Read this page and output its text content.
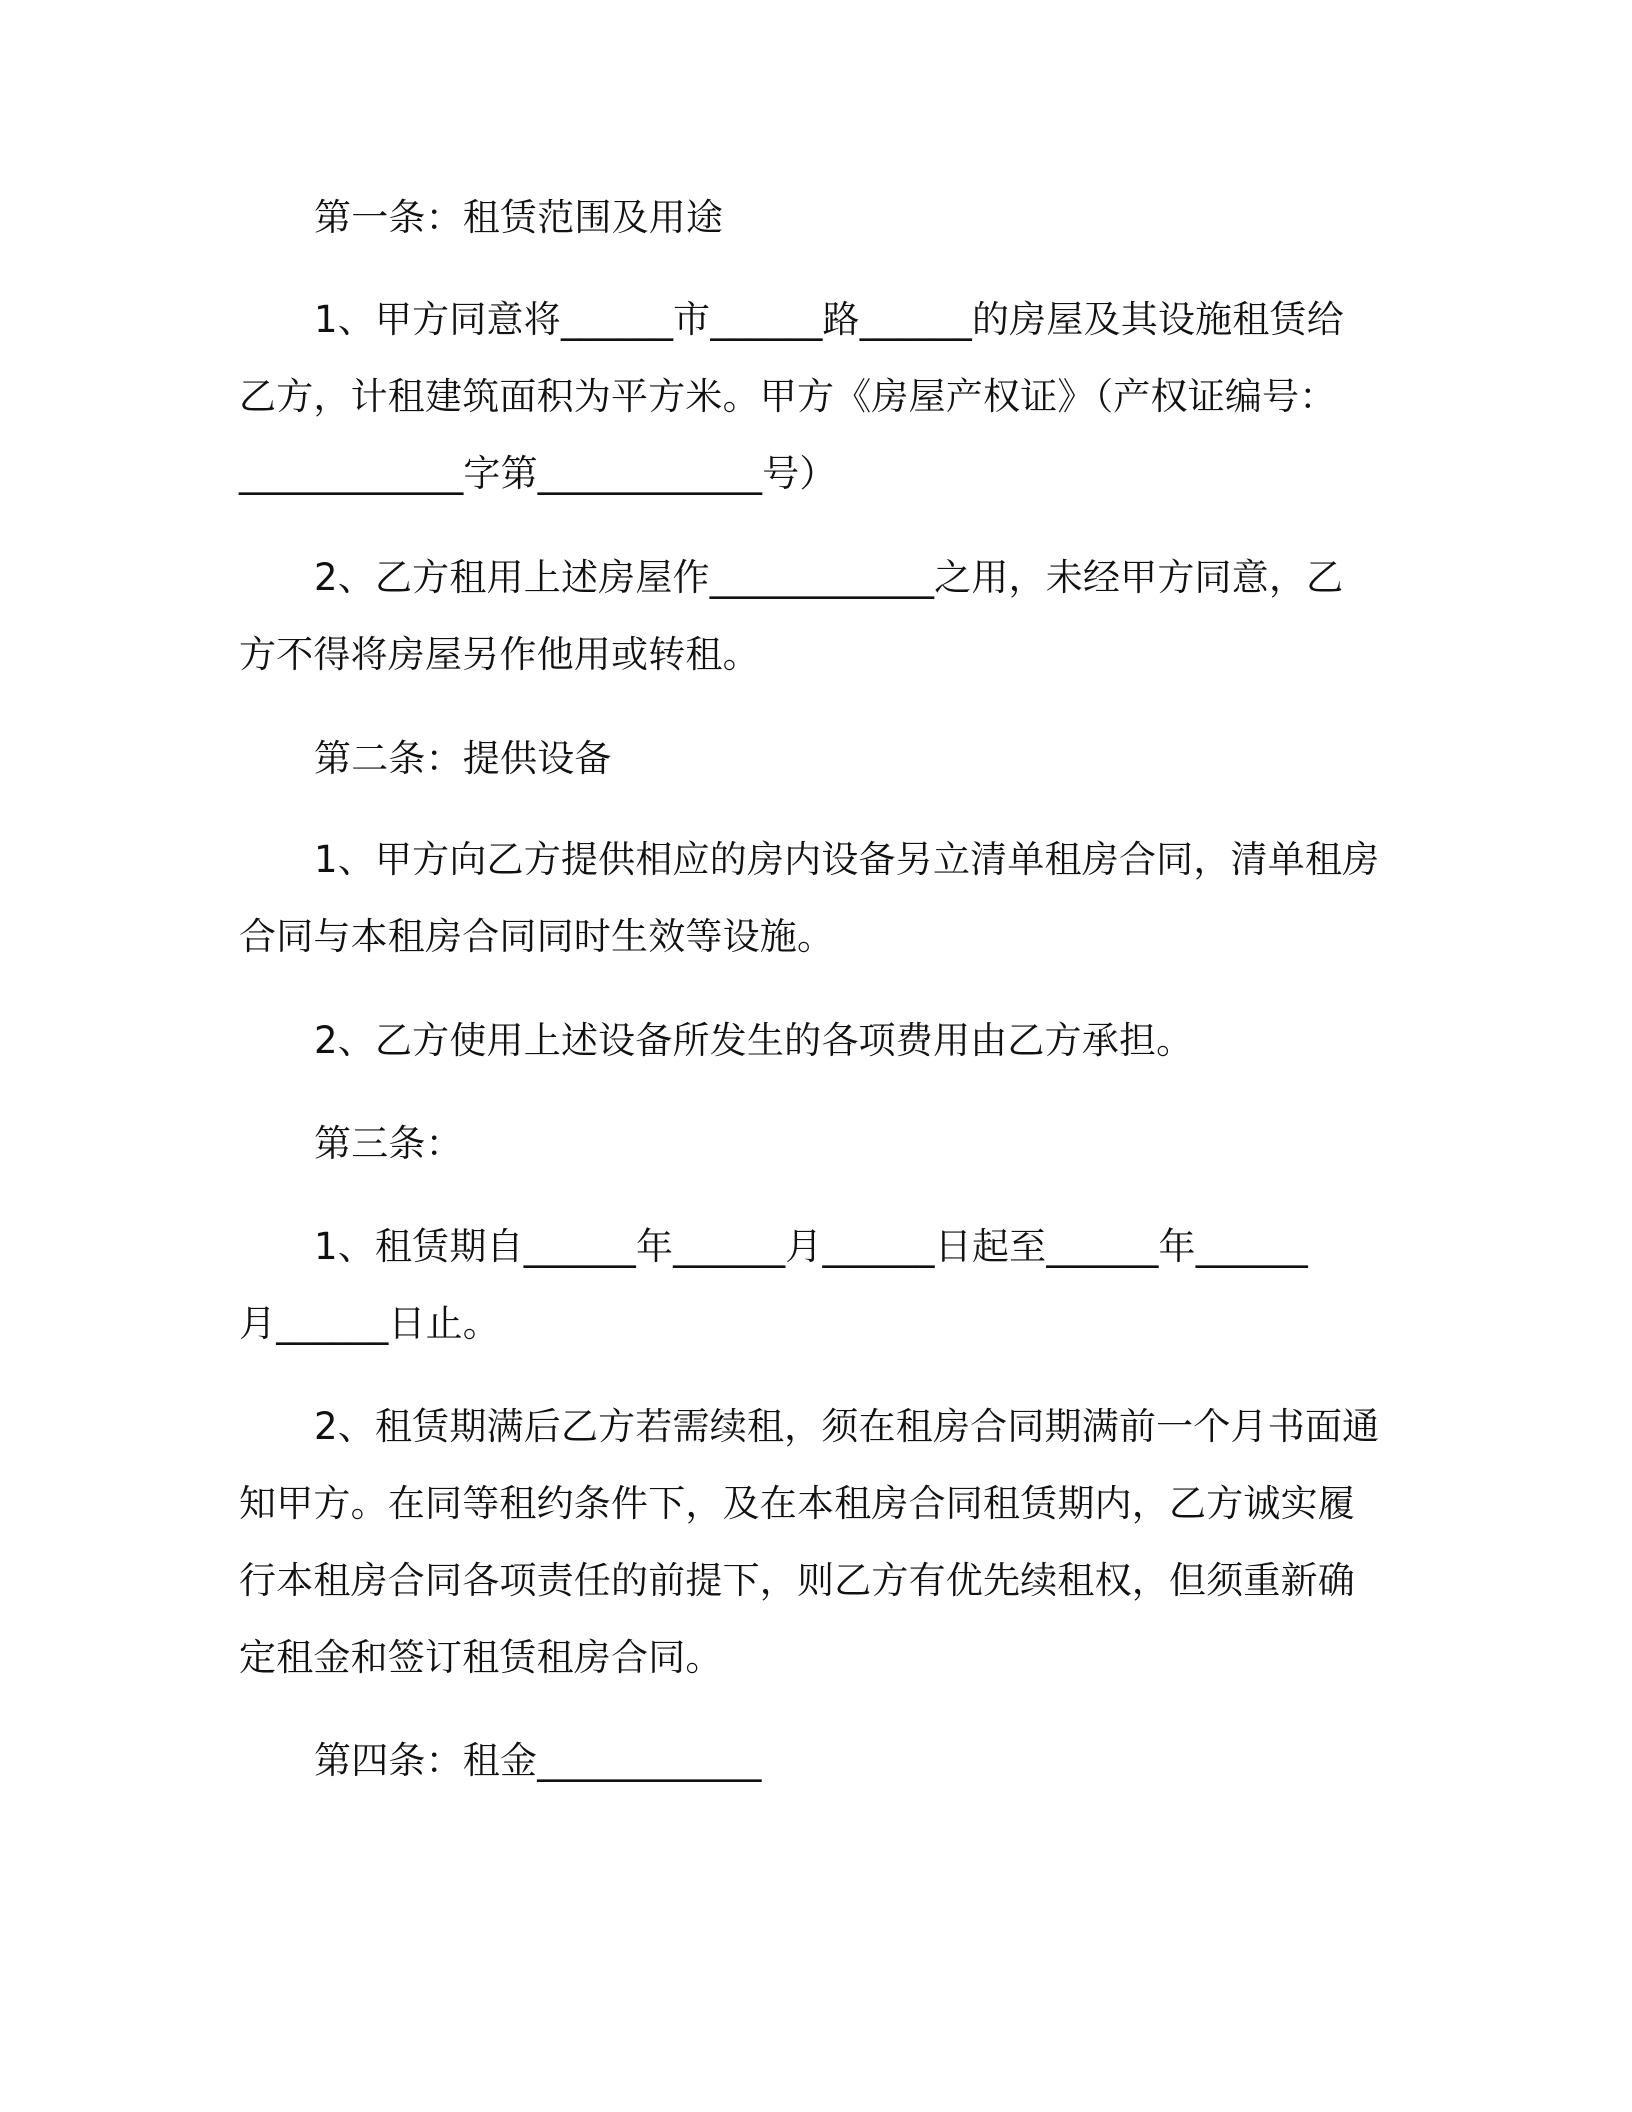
第一条：租赁范围及用途
1、甲方同意将______市______路______的房屋及其设施租赁给
乙方，计租建筑面积为平方米。甲方《房屋产权证》（产权证编号：
____________字第____________号）
2、乙方租用上述房屋作____________之用，未经甲方同意，乙
方不得将房屋另作他用或转租。
第二条：提供设备
1、甲方向乙方提供相应的房内设备另立清单租房合同，清单租房
合同与本租房合同同时生效等设施。
2、乙方使用上述设备所发生的各项费用由乙方承担。
第三条：
1、租赁期自______年______月______日起至______年______
月______日止。
2、租赁期满后乙方若需续租，须在租房合同期满前一个月书面通
知甲方。在同等租约条件下，及在本租房合同租赁期内，乙方诚实履
行本租房合同各项责任的前提下，则乙方有优先续租权，但须重新确
定租金和签订租赁租房合同。
第四条：租金____________
